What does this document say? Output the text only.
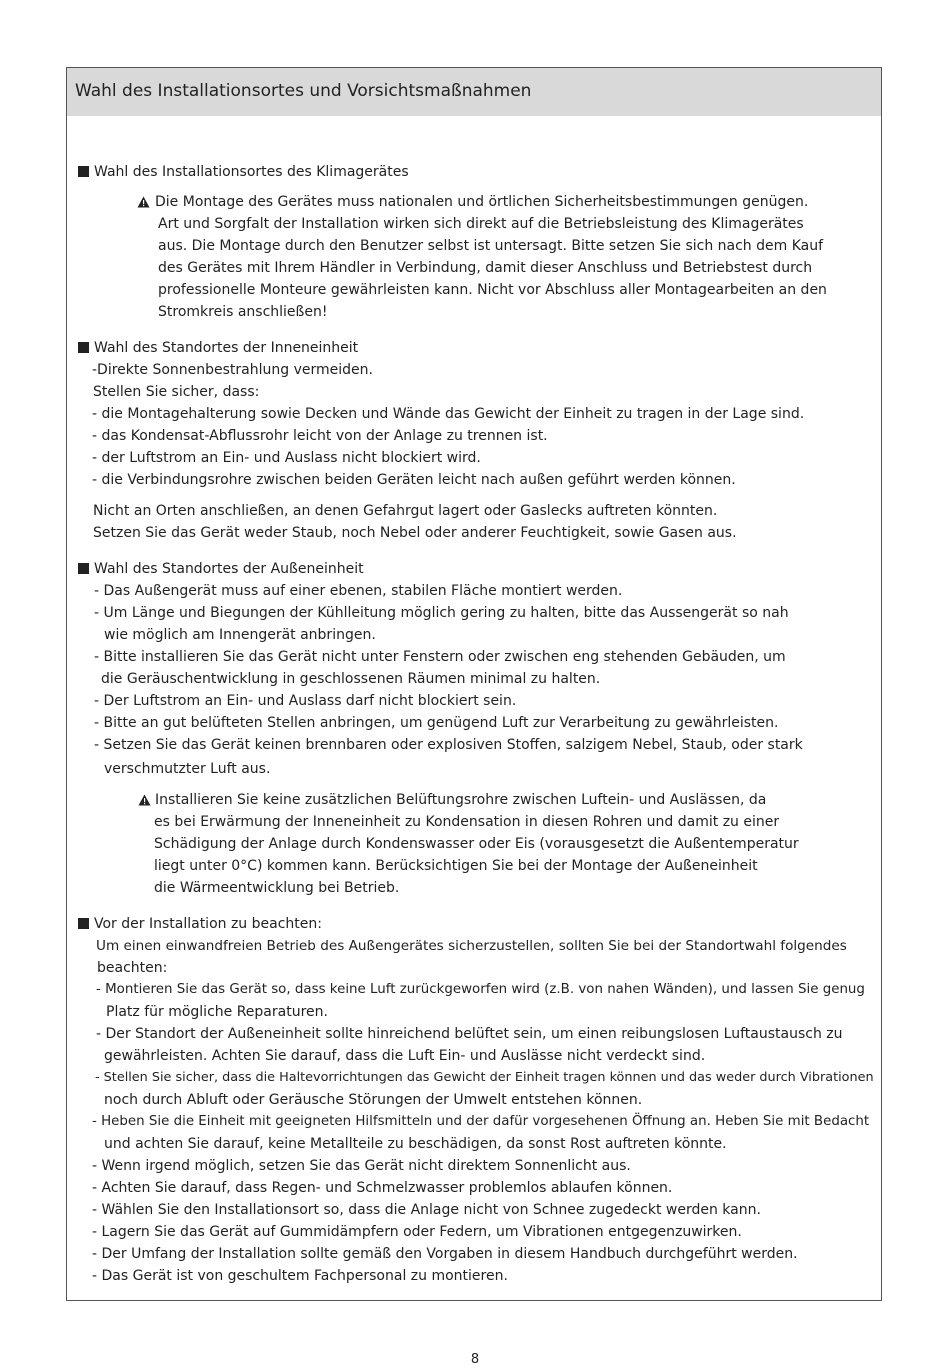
Wahl des Installationsortes und Vorsichtsmaßnahmen
Wahl des Installationsortes des Klimagerätes
Die Montage des Gerätes muss nationalen und örtlichen Sicherheitsbestimmungen genügen.
Art und Sorgfalt der Installation wirken sich direkt auf die Betriebsleistung des Klimagerätes
aus. Die Montage durch den Benutzer selbst ist untersagt. Bitte setzen Sie sich nach dem Kauf
des Gerätes mit Ihrem Händler in Verbindung, damit dieser Anschluss und Betriebstest durch
professionelle Monteure gewährleisten kann. Nicht vor Abschluss aller Montagearbeiten an den
Stromkreis anschließen!
Wahl des Standortes der Inneneinheit
-Direkte Sonnenbestrahlung vermeiden.
Stellen Sie sicher, dass:
- die Montagehalterung sowie Decken und Wände das Gewicht der Einheit zu tragen in der Lage sind.
- das Kondensat-Abflussrohr leicht von der Anlage zu trennen ist.
- der Luftstrom an Ein- und Auslass nicht blockiert wird.
- die Verbindungsrohre zwischen beiden Geräten leicht nach außen geführt werden können.
Nicht an Orten anschließen, an denen Gefahrgut lagert oder Gaslecks auftreten könnten.
Setzen Sie das Gerät weder Staub, noch Nebel oder anderer Feuchtigkeit, sowie Gasen aus.
Wahl des Standortes der Außeneinheit
- Das Außengerät muss auf einer ebenen, stabilen Fläche montiert werden.
- Um Länge und Biegungen der Kühlleitung möglich gering zu halten, bitte das Aussengerät so nah
wie möglich am Innengerät anbringen.
- Bitte installieren Sie das Gerät nicht unter Fenstern oder zwischen eng stehenden Gebäuden, um
die Geräuschentwicklung in geschlossenen Räumen minimal zu halten.
- Der Luftstrom an Ein- und Auslass darf nicht blockiert sein.
- Bitte an gut belüfteten Stellen anbringen, um genügend Luft zur Verarbeitung zu gewährleisten.
- Setzen Sie das Gerät keinen brennbaren oder explosiven Stoffen, salzigem Nebel, Staub, oder stark
verschmutzter Luft aus.
Installieren Sie keine zusätzlichen Belüftungsrohre zwischen Luftein- und Auslässen, da
es bei Erwärmung der Inneneinheit zu Kondensation in diesen Rohren und damit zu einer
Schädigung der Anlage durch Kondenswasser oder Eis (vorausgesetzt die Außentemperatur
liegt unter 0°C) kommen kann. Berücksichtigen Sie bei der Montage der Außeneinheit
die Wärmeentwicklung bei Betrieb.
Vor der Installation zu beachten:
Um einen einwandfreien Betrieb des Außengerätes sicherzustellen, sollten Sie bei der Standortwahl folgendes
beachten:
- Montieren Sie das Gerät so, dass keine Luft zurückgeworfen wird (z.B. von nahen Wänden), und lassen Sie genug
Platz für mögliche Reparaturen.
- Der Standort der Außeneinheit sollte hinreichend belüftet sein, um einen reibungslosen Luftaustausch zu
gewährleisten. Achten Sie darauf, dass die Luft Ein- und Auslässe nicht verdeckt sind.
- Stellen Sie sicher, dass die Haltevorrichtungen das Gewicht der Einheit tragen können und das weder durch Vibrationen
noch durch Abluft oder Geräusche Störungen der Umwelt entstehen können.
- Heben Sie die Einheit mit geeigneten Hilfsmitteln und der dafür vorgesehenen Öffnung an. Heben Sie mit Bedacht
und achten Sie darauf, keine Metallteile zu beschädigen, da sonst Rost auftreten könnte.
- Wenn irgend möglich, setzen Sie das Gerät nicht direktem Sonnenlicht aus.
- Achten Sie darauf, dass Regen- und Schmelzwasser problemlos ablaufen können.
- Wählen Sie den Installationsort so, dass die Anlage nicht von Schnee zugedeckt werden kann.
- Lagern Sie das Gerät auf Gummidämpfern oder Federn, um Vibrationen entgegenzuwirken.
- Der Umfang der Installation sollte gemäß den Vorgaben in diesem Handbuch durchgeführt werden.
- Das Gerät ist von geschultem Fachpersonal zu montieren.
8
